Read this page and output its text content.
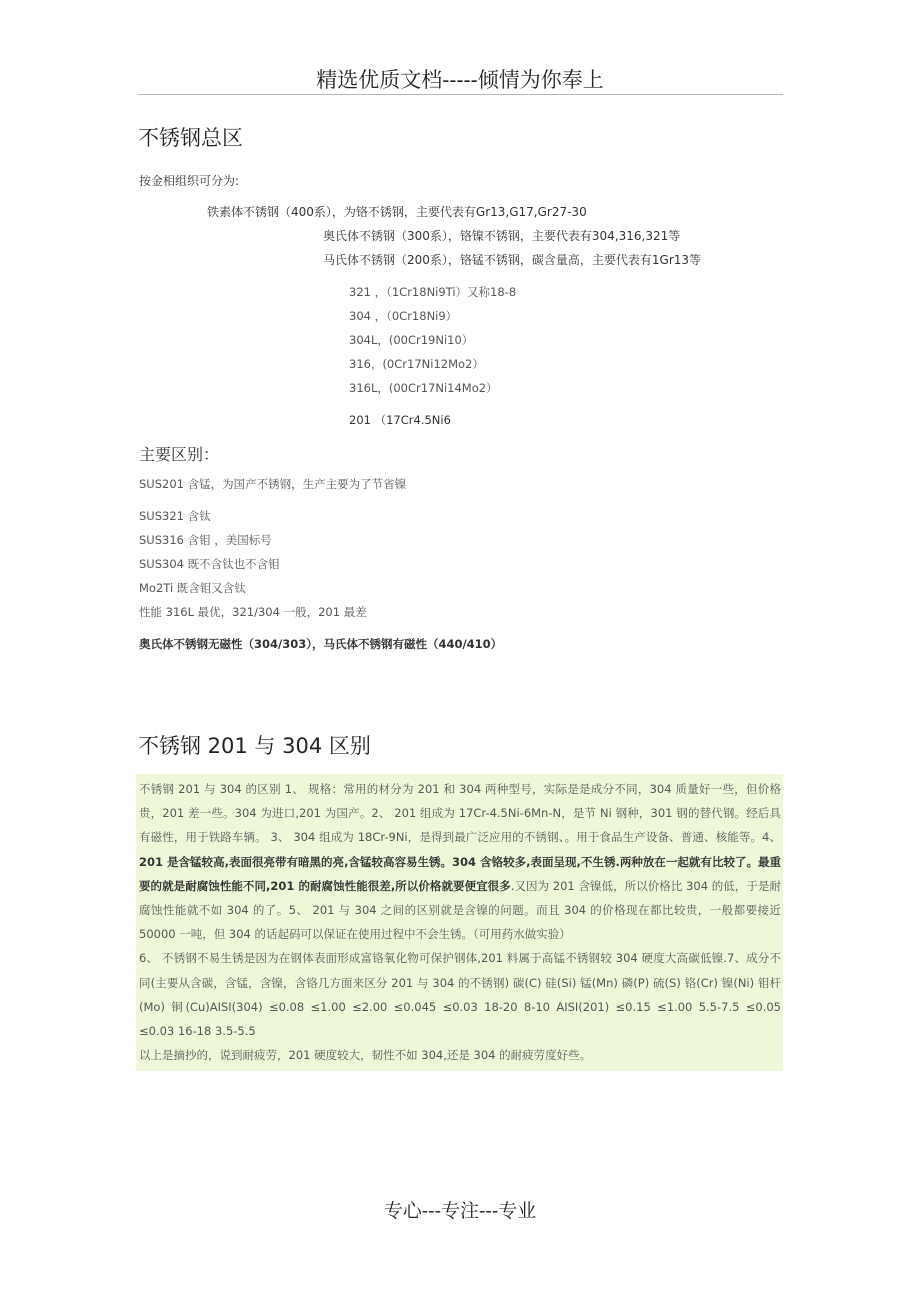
精选优质文档-----倾情为你奉上
不锈钢总区
按金相组织可分为:
铁素体不锈钢（400系），为铬不锈钢，主要代表有Gr13,G17,Gr27-30
奥氏体不锈钢（300系），铬镍不锈钢，主要代表有304,316,321等
马氏体不锈钢（200系），铬锰不锈钢，碳含量高，主要代表有1Gr13等
321 ，（1Cr18Ni9Ti）又称18-8
304 ，（0Cr18Ni9）
304L，(00Cr19Ni10）
316，(0Cr17Ni12Mo2）
316L，(00Cr17Ni14Mo2）
201 （17Cr4.5Ni6
主要区别：
SUS201 含锰，为国产不锈钢，生产主要为了节省镍
SUS321 含钛
SUS316 含钼 ，美国标号
SUS304 既不含钛也不含钼
Mo2Ti 既含钼又含钛
性能 316L 最优，321/304 一般，201 最差
奥氏体不锈钢无磁性（304/303），马氏体不锈钢有磁性（440/410）
不锈钢 201 与 304 区别
不锈钢 201 与 304 的区别 1、 规格：常用的材分为 201 和 304 两种型号，实际是是成分不同，304 质量好一些，但价格贵，201 差一些。304 为进口,201 为国产。2、 201 组成为 17Cr-4.5Ni-6Mn-N，是节 Ni 钢种，301 钢的替代钢。经后具有磁性，用于铁路车辆。 3、 304 组成为 18Cr-9Ni，是得到最广泛应用的不锈钢、。用于食品生产设备、普通、核能等。4、 201 是含锰较高,表面很亮带有暗黑的亮,含锰较高容易生锈。304 含铬较多,表面呈现,不生锈.两种放在一起就有比较了。最重要的就是耐腐蚀性能不同,201 的耐腐蚀性能很差,所以价格就要便宜很多.又因为 201 含镍低，所以价格比 304 的低，于是耐腐蚀性能就不如 304 的了。5、 201 与 304 之间的区别就是含镍的问题。而且 304 的价格现在都比较贵，一般都要接近 50000 一吨，但 304 的话起码可以保证在使用过程中不会生锈。（可用药水做实验）
6、 不锈钢不易生锈是因为在钢体表面形成富铬氧化物可保护钢体,201 料属于高锰不锈钢较 304 硬度大高碳低镍.7、成分不同(主要从含碳，含锰，含镍，含铬几方面来区分 201 与 304 的不锈钢) 碳(C) 硅(Si) 锰(Mn) 磷(P) 硫(S) 铬(Cr) 镍(Ni) 钼杆(Mo) 铜(Cu)AISI(304) ≤0.08 ≤1.00 ≤2.00 ≤0.045 ≤0.03 18-20 8-10 AISI(201) ≤0.15 ≤1.00 5.5-7.5 ≤0.05 ≤0.03 16-18 3.5-5.5
以上是摘抄的，说到耐疲劳，201 硬度较大，韧性不如 304,还是 304 的耐疲劳度好些。
专心---专注---专业
